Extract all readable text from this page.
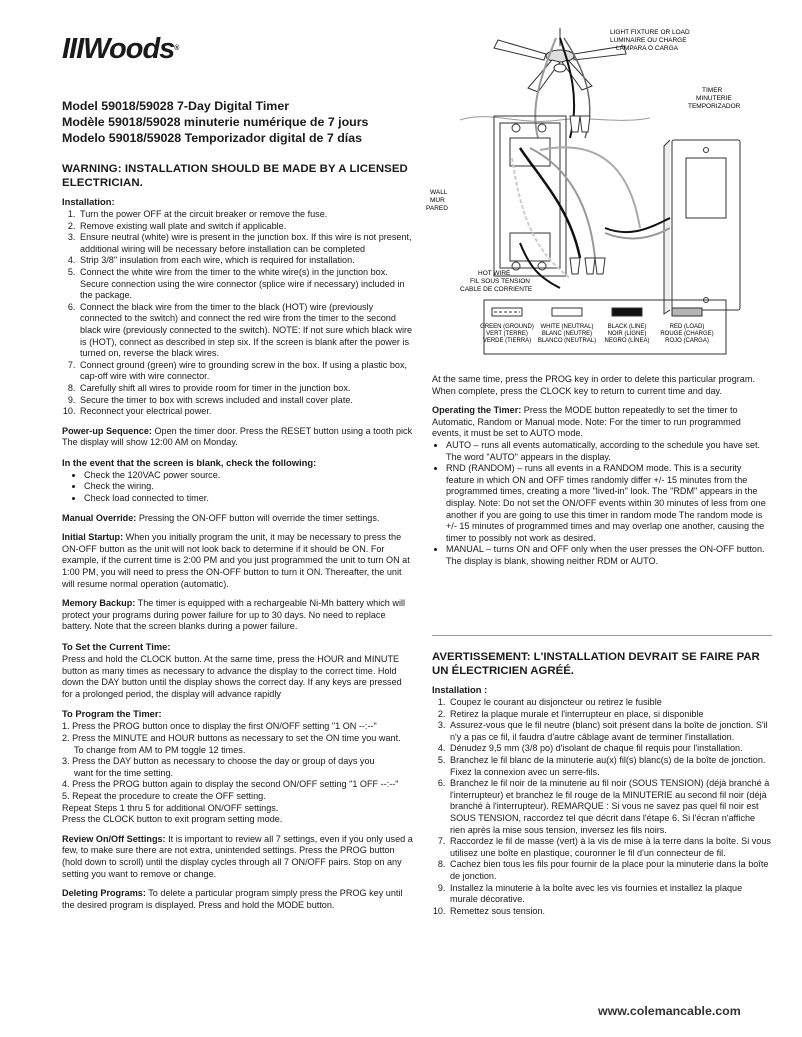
IIIWoods®

Model 59018/59028 7-Day Digital Timer

Modèle 59018/59028 minuterie numérique de 7 jours

Modelo 59018/59028 Temporizador digital de 7 días

WARNING: INSTALLATION SHOULD BE MADE BY A LICENSED ELECTRICIAN.
Installation:
1. Turn the power OFF at the circuit breaker or remove the fuse.
2. Remove existing wall plate and switch if applicable.
3. Ensure neutral (white) wire is present in the junction box. If this wire is not present, additional wiring will be necessary before installation can be completed
4. Strip 3/8" insulation from each wire, which is required for installation.
5. Connect the white wire from the timer to the white wire(s) in the junction box. Secure connection using the wire connector (splice wire if necessary) included in the package.
6. Connect the black wire from the timer to the black (HOT) wire (previously connected to the switch) and connect the red wire from the timer to the second black wire (previously connected to the switch). NOTE: If not sure which black wire is (HOT), connect as described in step six. If the screen is blank after the power is turned on, reverse the black wires.
7. Connect ground (green) wire to grounding screw in the box. If using a plastic box, cap-off wire with wire connector.
8. Carefully shift all wires to provide room for timer in the junction box.
9. Secure the timer to box with screws included and install cover plate.
10. Reconnect your electrical power.

Power-up Sequence: Open the timer door. Press the RESET button using a tooth pick The display will show 12:00 AM on Monday.

In the event that the screen is blank, check the following:
• Check the 120VAC power source.
• Check the wiring.
• Check load connected to timer.

Manual Override: Pressing the ON-OFF button will override the timer settings.

Initial Startup: When you initially program the unit, it may be necessary to press the ON-OFF button as the unit will not look back to determine if it should be ON. For example, if the current time is 2:00 PM and you just programmed the unit to turn ON at 1:00 PM, you will need to press the ON-OFF button to turn it ON. Thereafter, the unit will resume normal operation (automatic).

Memory Backup: The timer is equipped with a rechargeable Ni-Mh battery which will protect your programs during power failure for up to 30 days. No need to replace battery. Note that the screen blanks during a power failure.

To Set the Current Time:

Press and hold the CLOCK button. At the same time, press the HOUR and MINUTE button as many times as necessary to advance the display to the correct time. Hold down the DAY button until the display shows the correct day. If any keys are pressed for a prolonged period, the display will advance rapidly

To Program the Timer:
1. Press the PROG button once to display the first ON/OFF setting "1 ON --:--"
2. Press the MINUTE and HOUR buttons as necessary to set the ON time you want.
To change from AM to PM toggle 12 times.
3. Press the DAY button as necessary to choose the day or group of days you
want for the time setting.
4. Press the PROG button again to display the second ON/OFF setting "1 OFF --:--"
5. Repeat the procedure to create the OFF setting.
Repeat Steps 1 thru 5 for additional ON/OFF settings.
Press the CLOCK button to exit program setting mode.

Review On/Off Settings: It is important to review all 7 settings, even if you only used a few, to make sure there are not extra, unintended settings. Press the PROG button (hold down to scroll) until the display cycles through all 7 ON/OFF pairs. Stop on any setting you want to remove or change.

Deleting Programs: To delete a particular program simply press the PROG key until the desired program is displayed. Press and hold the MODE button.

LIGHT FIXTURE OR LOAD
LUMINAIRE OU CHARGE
LÁMPARA O CARGA
TIMER
MINUTERIE
TEMPORIZADOR
WALL
MUR
PARED
HOT WIRE
FIL SOUS TENSION
CABLE DE CORRIENTE
GREEN (GROUND)
VERT (TERRE)
VERDE (TIERRA)
WHITE (NEUTRAL)
BLANC (NEUTRE)
BLANCO (NEUTRAL)
BLACK (LINE)
NOIR (LIGNE)
NEGRO (LÍNEA)
RED (LOAD)
ROUGE (CHARGE)
ROJO (CARGA)

At the same time, press the PROG key in order to delete this particular program. When complete, press the CLOCK key to return to current time and day.

Operating the Timer: Press the MODE button repeatedly to set the timer to Automatic, Random or Manual mode. Note: For the timer to run programmed events, it must be set to AUTO mode.

• AUTO – runs all events automatically, according to the schedule you have set. The word "AUTO" appears in the display.
• RND (RANDOM) – runs all events in a RANDOM mode. This is a security feature in which ON and OFF times randomly differ +/- 15 minutes from the programmed times, creating a more "lived-in" look. The "RDM" appears in the display. Note: Do not set the ON/OFF events within 30 minutes of less from one another if you are going to use this timer in random mode The random mode is +/- 15 minutes of programmed times and may overlap one another, causing the timer to possibly not work as desired.
• MANUAL – turns ON and OFF only when the user presses the ON-OFF button. The display is blank, showing neither RDM or AUTO.
AVERTISSEMENT: L'INSTALLATION DEVRAIT SE FAIRE PAR UN ÉLECTRICIEN AGRÉÉ.
Installation :
1. Coupez le courant au disjoncteur ou retirez le fusible
2. Retirez la plaque murale et l'interrupteur en place, si disponible
3. Assurez-vous que le fil neutre (blanc) soit présent dans la boîte de jonction. S'il n'y a pas ce fil, il faudra d'autre câblage avant de terminer l'installation.
4. Dénudez 9,5 mm (3/8 po) d'isolant de chaque fil requis pour l'installation.
5. Branchez le fil blanc de la minuterie au(x) fil(s) blanc(s) de la boîte de jonction. Fixez la connexion avec un serre-fils.
6. Branchez le fil noir de la minuterie au fil noir (SOUS TENSION) (déjà branché à l'interrupteur) et branchez le fil rouge de la MINUTERIE au second fil noir (déjà branché à l'interrupteur). REMARQUE : Si vous ne savez pas quel fil noir est SOUS TENSION, raccordez tel que décrit dans l'étape 6. Si l'écran n'affiche rien après la mise sous tension, inversez les fils noirs.
7. Raccordez le fil de masse (vert) à la vis de mise à la terre dans la boîte. Si vous utilisez une boîte en plastique, couronner le fil d'un connecteur de fil.
8. Cachez bien tous les fils pour fournir de la place pour la minuterie dans la boîte de jonction.
9. Installez la minuterie à la boîte avec les vis fournies et installez la plaque murale décorative.
10. Remettez sous tension.
www.colemancable.com
